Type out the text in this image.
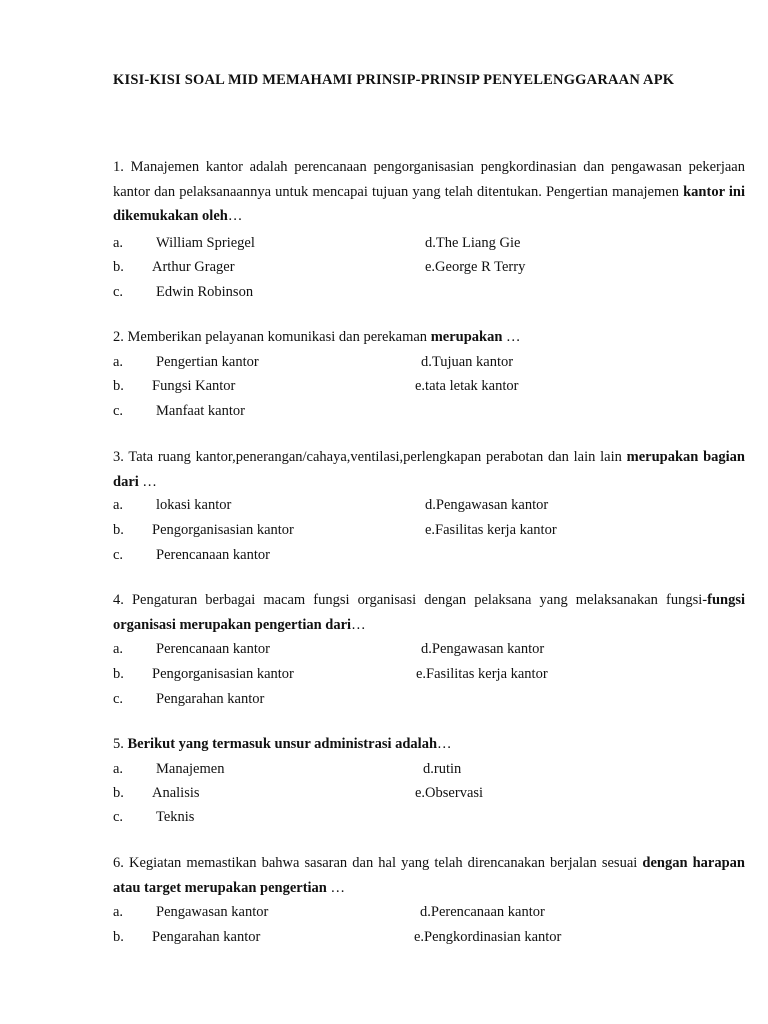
KISI-KISI SOAL MID MEMAHAMI PRINSIP-PRINSIP PENYELENGGARAAN APK
1. Manajemen kantor adalah perencanaan pengorganisasian pengkordinasian dan pengawasan pekerjaan kantor dan pelaksanaannya untuk mencapai tujuan yang telah ditentukan. Pengertian manajemen kantor ini dikemukakan oleh…
a. William Spriegel
b. Arthur Grager
c. Edwin Robinson
d.The Liang Gie
e.George R Terry
2. Memberikan pelayanan komunikasi dan perekaman merupakan …
a. Pengertian kantor
b. Fungsi Kantor
c. Manfaat kantor
d.Tujuan kantor
e.tata letak kantor
3. Tata ruang kantor,penerangan/cahaya,ventilasi,perlengkapan perabotan dan lain lain merupakan bagian dari …
a. lokasi kantor
b. Pengorganisasian kantor
c. Perencanaan kantor
d.Pengawasan kantor
e.Fasilitas kerja kantor
4. Pengaturan berbagai macam fungsi organisasi dengan pelaksana yang melaksanakan fungsi-fungsi organisasi merupakan pengertian dari…
a. Perencanaan kantor
b. Pengorganisasian kantor
c. Pengarahan kantor
d.Pengawasan kantor
e.Fasilitas kerja kantor
5. Berikut yang termasuk unsur administrasi adalah…
a. Manajemen
b. Analisis
c. Teknis
d.rutin
e.Observasi
6. Kegiatan memastikan bahwa sasaran dan hal yang telah direncanakan berjalan sesuai dengan harapan atau target merupakan pengertian …
a. Pengawasan kantor
b. Pengarahan kantor
d.Perencanaan kantor
e.Pengkordinasian kantor
